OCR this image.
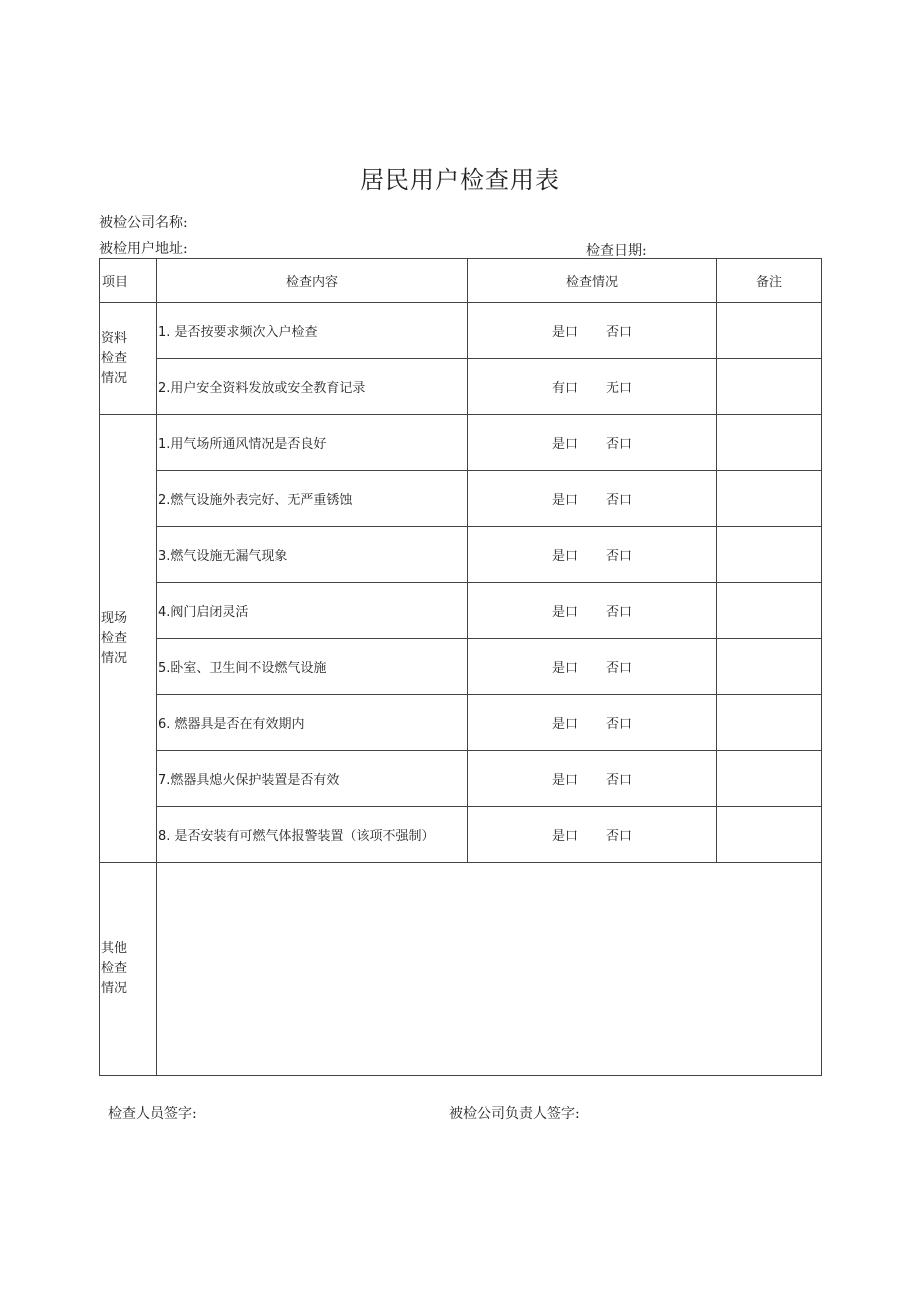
居民用户检查用表
被检公司名称:
被检用户地址:	检查日期:
项目	检查内容	检查情况	备注

资料
检查
情况	1. 是否按要求频次入户检查	是口 否口	
	2.用户安全资料发放或安全教育记录	有口 无口	

现场
检查
情况	1.用气场所通风情况是否良好	是口 否口	
	2.燃气设施外表完好、无严重锈蚀	是口 否口	
	3.燃气设施无漏气现象	是口 否口	
	4.阀门启闭灵活	是口 否口	
	5.卧室、卫生间不设燃气设施	是口 否口	
	6. 燃器具是否在有效期内	是口 否口	
	7.燃器具熄火保护装置是否有效	是口 否口	
	8. 是否安装有可燃气体报警装置（该项不强制）	是口 否口	

其他
检查
情况			

检查人员签字:	被检公司负责人签字:
